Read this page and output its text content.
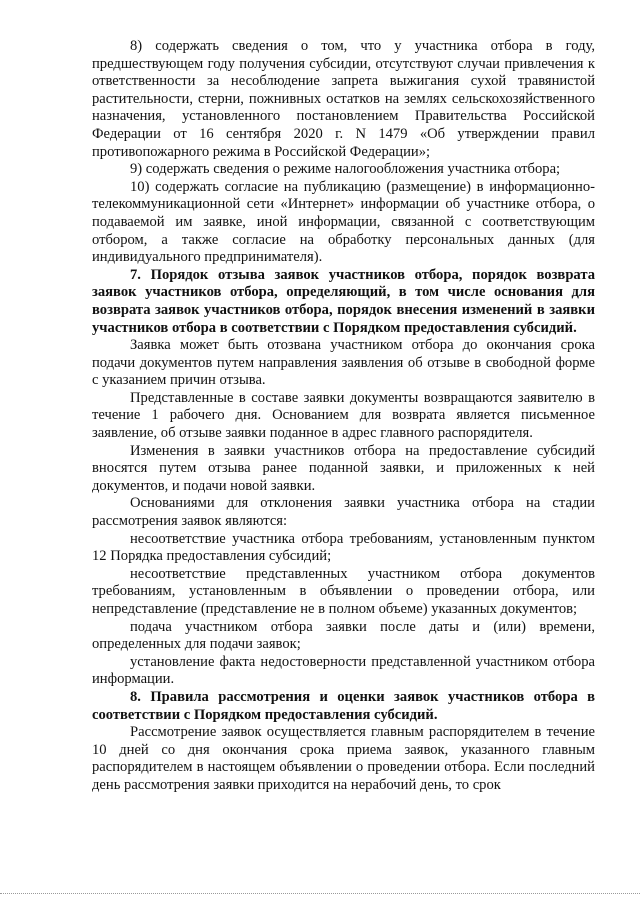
8) содержать сведения о том, что у участника отбора в году, предшествующем году получения субсидии, отсутствуют случаи привлечения к ответственности за несоблюдение запрета выжигания сухой травянистой растительности, стерни, пожнивных остатков на землях сельскохозяйственного назначения, установленного постановлением Правительства Российской Федерации от 16 сентября 2020 г. N 1479 «Об утверждении правил противопожарного режима в Российской Федерации»;

9) содержать сведения о режиме налогообложения участника отбора;

10) содержать согласие на публикацию (размещение) в информационно-телекоммуникационной сети «Интернет» информации об участнике отбора, о подаваемой им заявке, иной информации, связанной с соответствующим отбором, а также согласие на обработку персональных данных (для индивидуального предпринимателя).

7. Порядок отзыва заявок участников отбора, порядок возврата заявок участников отбора, определяющий, в том числе основания для возврата заявок участников отбора, порядок внесения изменений в заявки участников отбора в соответствии с Порядком предоставления субсидий.

Заявка может быть отозвана участником отбора до окончания срока подачи документов путем направления заявления об отзыве в свободной форме с указанием причин отзыва.

Представленные в составе заявки документы возвращаются заявителю в течение 1 рабочего дня. Основанием для возврата является письменное заявление, об отзыве заявки поданное в адрес главного распорядителя.

Изменения в заявки участников отбора на предоставление субсидий вносятся путем отзыва ранее поданной заявки, и приложенных к ней документов, и подачи новой заявки.

Основаниями для отклонения заявки участника отбора на стадии рассмотрения заявок являются:

несоответствие участника отбора требованиям, установленным пунктом 12 Порядка предоставления субсидий;

несоответствие представленных участником отбора документов требованиям, установленным в объявлении о проведении отбора, или непредставление (представление не в полном объеме) указанных документов;

подача участником отбора заявки после даты и (или) времени, определенных для подачи заявок;

установление факта недостоверности представленной участником отбора информации.

8. Правила рассмотрения и оценки заявок участников отбора в соответствии с Порядком предоставления субсидий.

Рассмотрение заявок осуществляется главным распорядителем в течение 10 дней со дня окончания срока приема заявок, указанного главным распорядителем в настоящем объявлении о проведении отбора. Если последний день рассмотрения заявки приходится на нерабочий день, то срок
